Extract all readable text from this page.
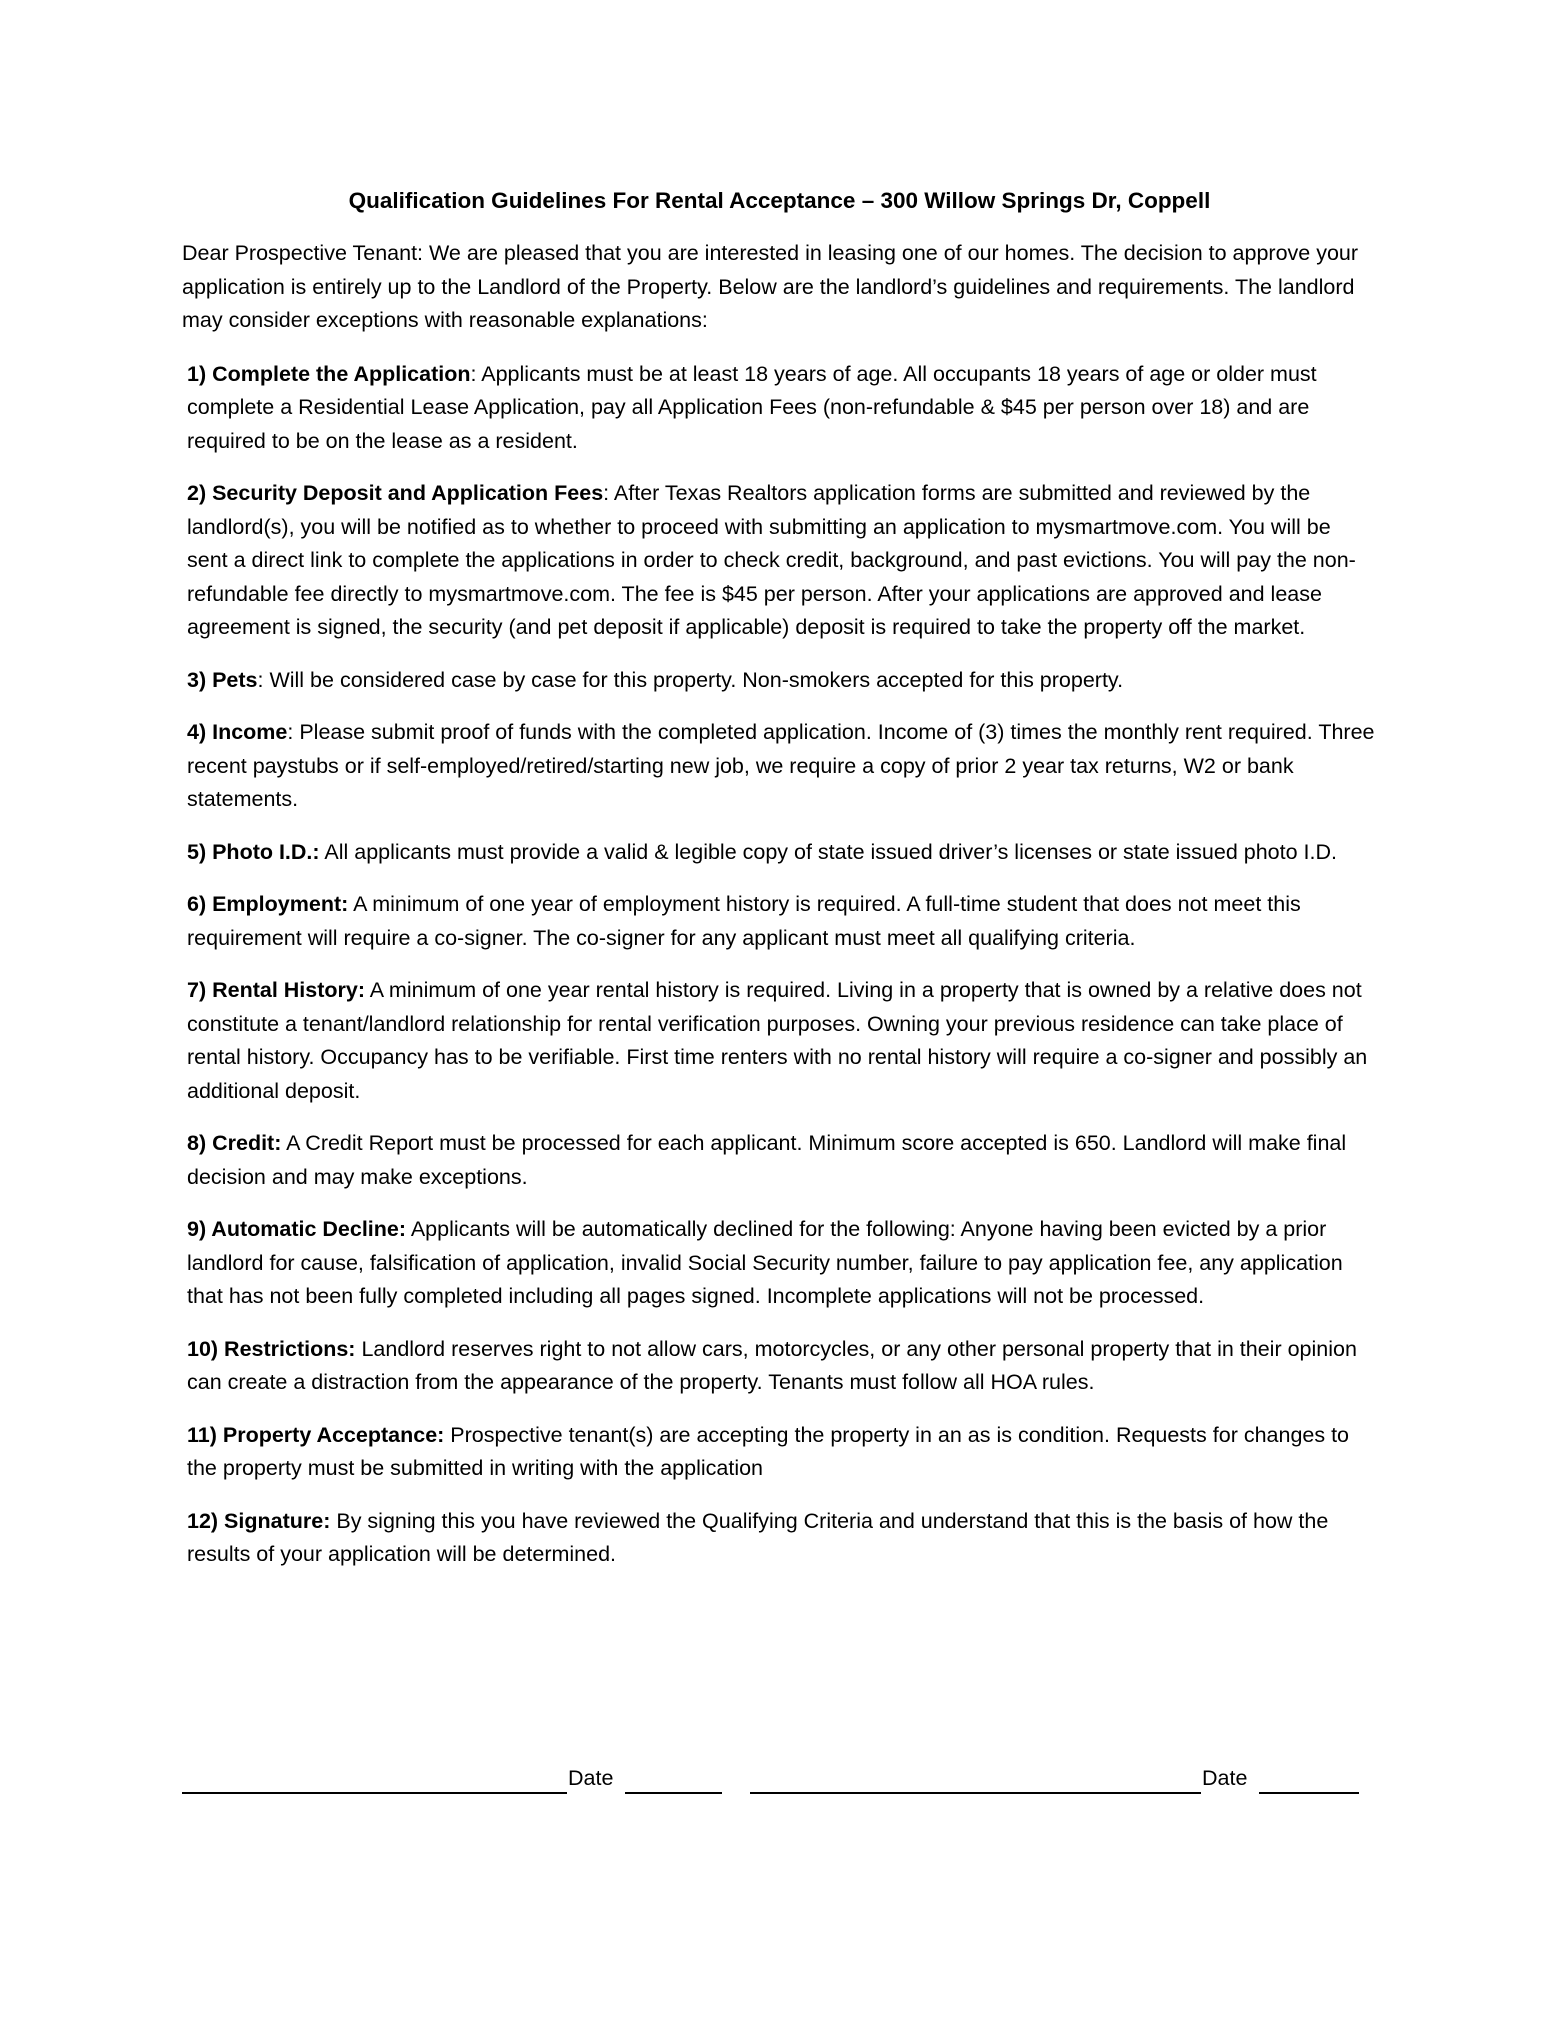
Qualification Guidelines For Rental Acceptance – 300 Willow Springs Dr, Coppell
Dear Prospective Tenant: We are pleased that you are interested in leasing one of our homes. The decision to approve your application is entirely up to the Landlord of the Property. Below are the landlord’s guidelines and requirements. The landlord may consider exceptions with reasonable explanations:
1) Complete the Application: Applicants must be at least 18 years of age. All occupants 18 years of age or older must complete a Residential Lease Application, pay all Application Fees (non-refundable & $45 per person over 18) and are required to be on the lease as a resident.
2) Security Deposit and Application Fees: After Texas Realtors application forms are submitted and reviewed by the landlord(s), you will be notified as to whether to proceed with submitting an application to mysmartmove.com. You will be sent a direct link to complete the applications in order to check credit, background, and past evictions. You will pay the non-refundable fee directly to mysmartmove.com. The fee is $45 per person. After your applications are approved and lease agreement is signed, the security (and pet deposit if applicable) deposit is required to take the property off the market.
3) Pets: Will be considered case by case for this property. Non-smokers accepted for this property.
4) Income: Please submit proof of funds with the completed application. Income of (3) times the monthly rent required. Three recent paystubs or if self-employed/retired/starting new job, we require a copy of prior 2 year tax returns, W2 or bank statements.
5) Photo I.D.: All applicants must provide a valid & legible copy of state issued driver’s licenses or state issued photo I.D.
6) Employment: A minimum of one year of employment history is required. A full-time student that does not meet this requirement will require a co-signer. The co-signer for any applicant must meet all qualifying criteria.
7) Rental History: A minimum of one year rental history is required. Living in a property that is owned by a relative does not constitute a tenant/landlord relationship for rental verification purposes. Owning your previous residence can take place of rental history. Occupancy has to be verifiable. First time renters with no rental history will require a co-signer and possibly an additional deposit.
8) Credit: A Credit Report must be processed for each applicant. Minimum score accepted is 650. Landlord will make final decision and may make exceptions.
9) Automatic Decline: Applicants will be automatically declined for the following: Anyone having been evicted by a prior landlord for cause, falsification of application, invalid Social Security number, failure to pay application fee, any application that has not been fully completed including all pages signed. Incomplete applications will not be processed.
10) Restrictions: Landlord reserves right to not allow cars, motorcycles, or any other personal property that in their opinion can create a distraction from the appearance of the property. Tenants must follow all HOA rules.
11) Property Acceptance: Prospective tenant(s) are accepting the property in an as is condition. Requests for changes to the property must be submitted in writing with the application
12) Signature: By signing this you have reviewed the Qualifying Criteria and understand that this is the basis of how the results of your application will be determined.
Date	Date
